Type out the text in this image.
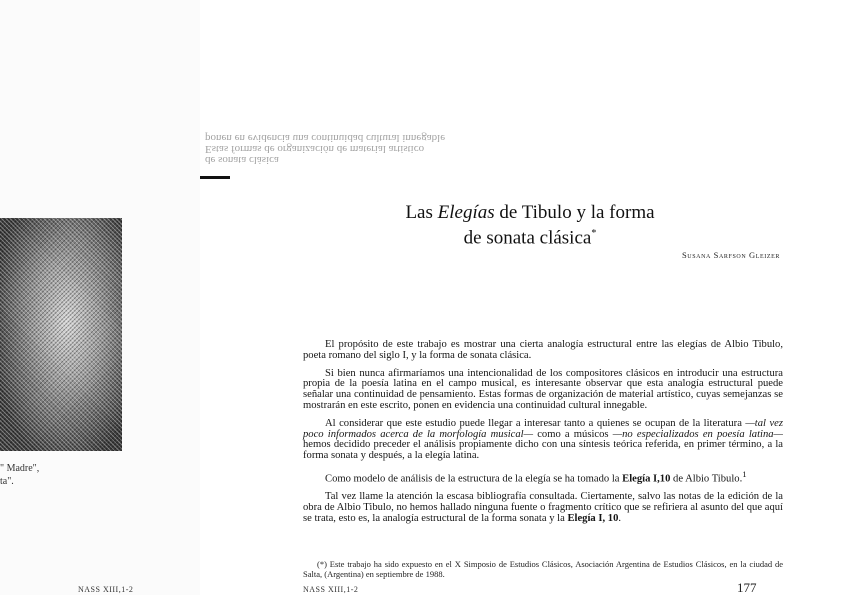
" Madre",
ta".
NASS XIII,1-2
de sonata clásica
Estas formas de organización de material artístico
ponen en evidencia una continuidad cultural innegable
Las Elegías de Tibulo y la forma
de sonata clásica*
Susana Sarfson Gleizer

El propósito de este trabajo es mostrar una cierta analogía estructural entre las elegías de Albio Tibulo, poeta romano del siglo I, y la forma de sonata clásica.

Si bien nunca afirmaríamos una intencionalidad de los compositores clásicos en introducir una estructura propia de la poesía latina en el campo musical, es interesante observar que esta analogía estructural puede señalar una continuidad de pensamiento. Estas formas de organización de material artístico, cuyas semejanzas se mostrarán en este escrito, ponen en evidencia una continuidad cultural innegable.

Al considerar que este estudio puede llegar a interesar tanto a quienes se ocupan de la literatura —tal vez poco informados acerca de la morfología musical— como a músicos —no especializados en poesía latina— hemos decidido preceder el análisis propiamente dicho con una síntesis teórica referida, en primer término, a la forma sonata y después, a la elegía latina.

Como modelo de análisis de la estructura de la elegía se ha tomado la Elegía I,10 de Albio Tibulo.$^1$

Tal vez llame la atención la escasa bibliografía consultada. Ciertamente, salvo las notas de la edición de la obra de Albio Tibulo, no hemos hallado ninguna fuente o fragmento crítico que se refiriera al asunto del que aquí se trata, esto es, la analogía estructural de la forma sonata y la Elegía I, 10.

(*) Este trabajo ha sido expuesto en el X Simposio de Estudios Clásicos, Asociación Argentina de Estudios Clásicos, en la ciudad de Salta, (Argentina) en septiembre de 1988.

NASS XIII,1-2	177
